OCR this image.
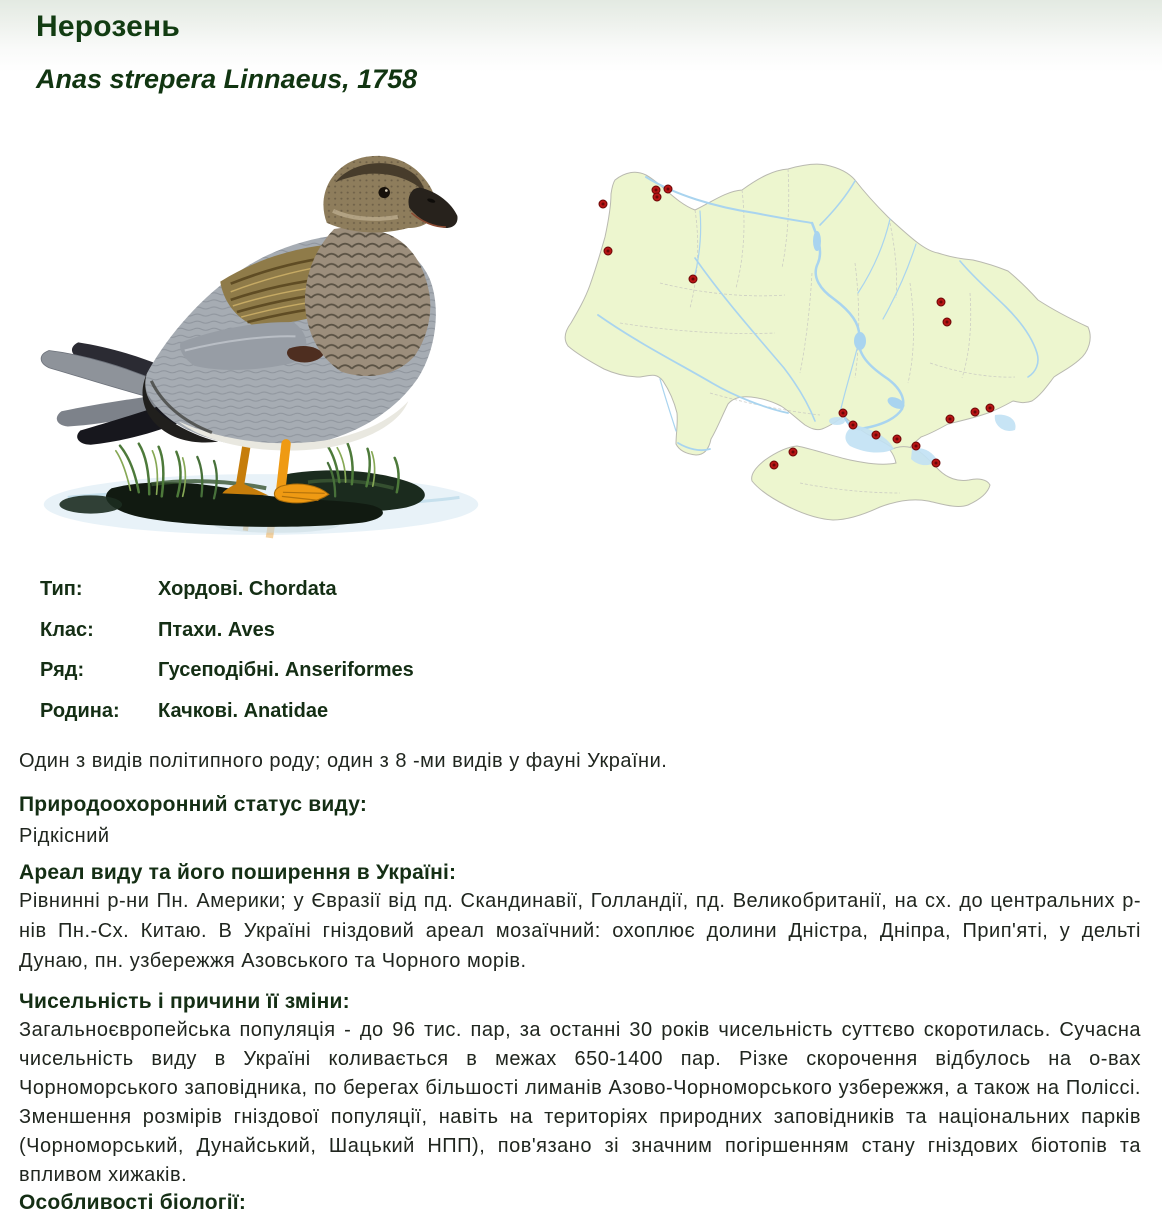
Нерозень
Anas strepera Linnaeus, 1758
Тип:	Хордові. Chordata
Клас:	Птахи. Aves
Ряд:	Гусеподібні. Anseriformes
Родина:	Качкові. Anatidae

Один з видів політипного роду; один з 8 -ми видів у фауні України.

Природоохоронний статус виду:

Рідкісний

Ареал виду та його поширення в Україні:

Рівнинні р-ни Пн. Америки; у Євразії від пд. Скандинавії, Голландії, пд. Великобританії, на сх. до центральних р-нів Пн.-Сх. Китаю. В Україні гніздовий ареал мозаїчний: охоплює долини Дністра, Дніпра, Прип'яті, у дельті Дунаю, пн. узбережжя Азовського та Чорного морів.

Чисельність і причини її зміни:

Загальноєвропейська популяція - до 96 тис. пар, за останні 30 років чисельність суттєво скоротилась. Сучасна чисельність виду в Україні коливається в межах 650-1400 пар. Різке скорочення відбулось на о-вах Чорноморського заповідника, по берегах більшості лиманів Азово-Чорноморського узбережжя, а також на Поліссі. Зменшення розмірів гніздової популяції, навіть на територіях природних заповідників та національних парків (Чорноморський, Дунайський, Шацький НПП), пов'язано зі значним погіршенням стану гніздових біотопів та впливом хижаків.

Особливості біології:
